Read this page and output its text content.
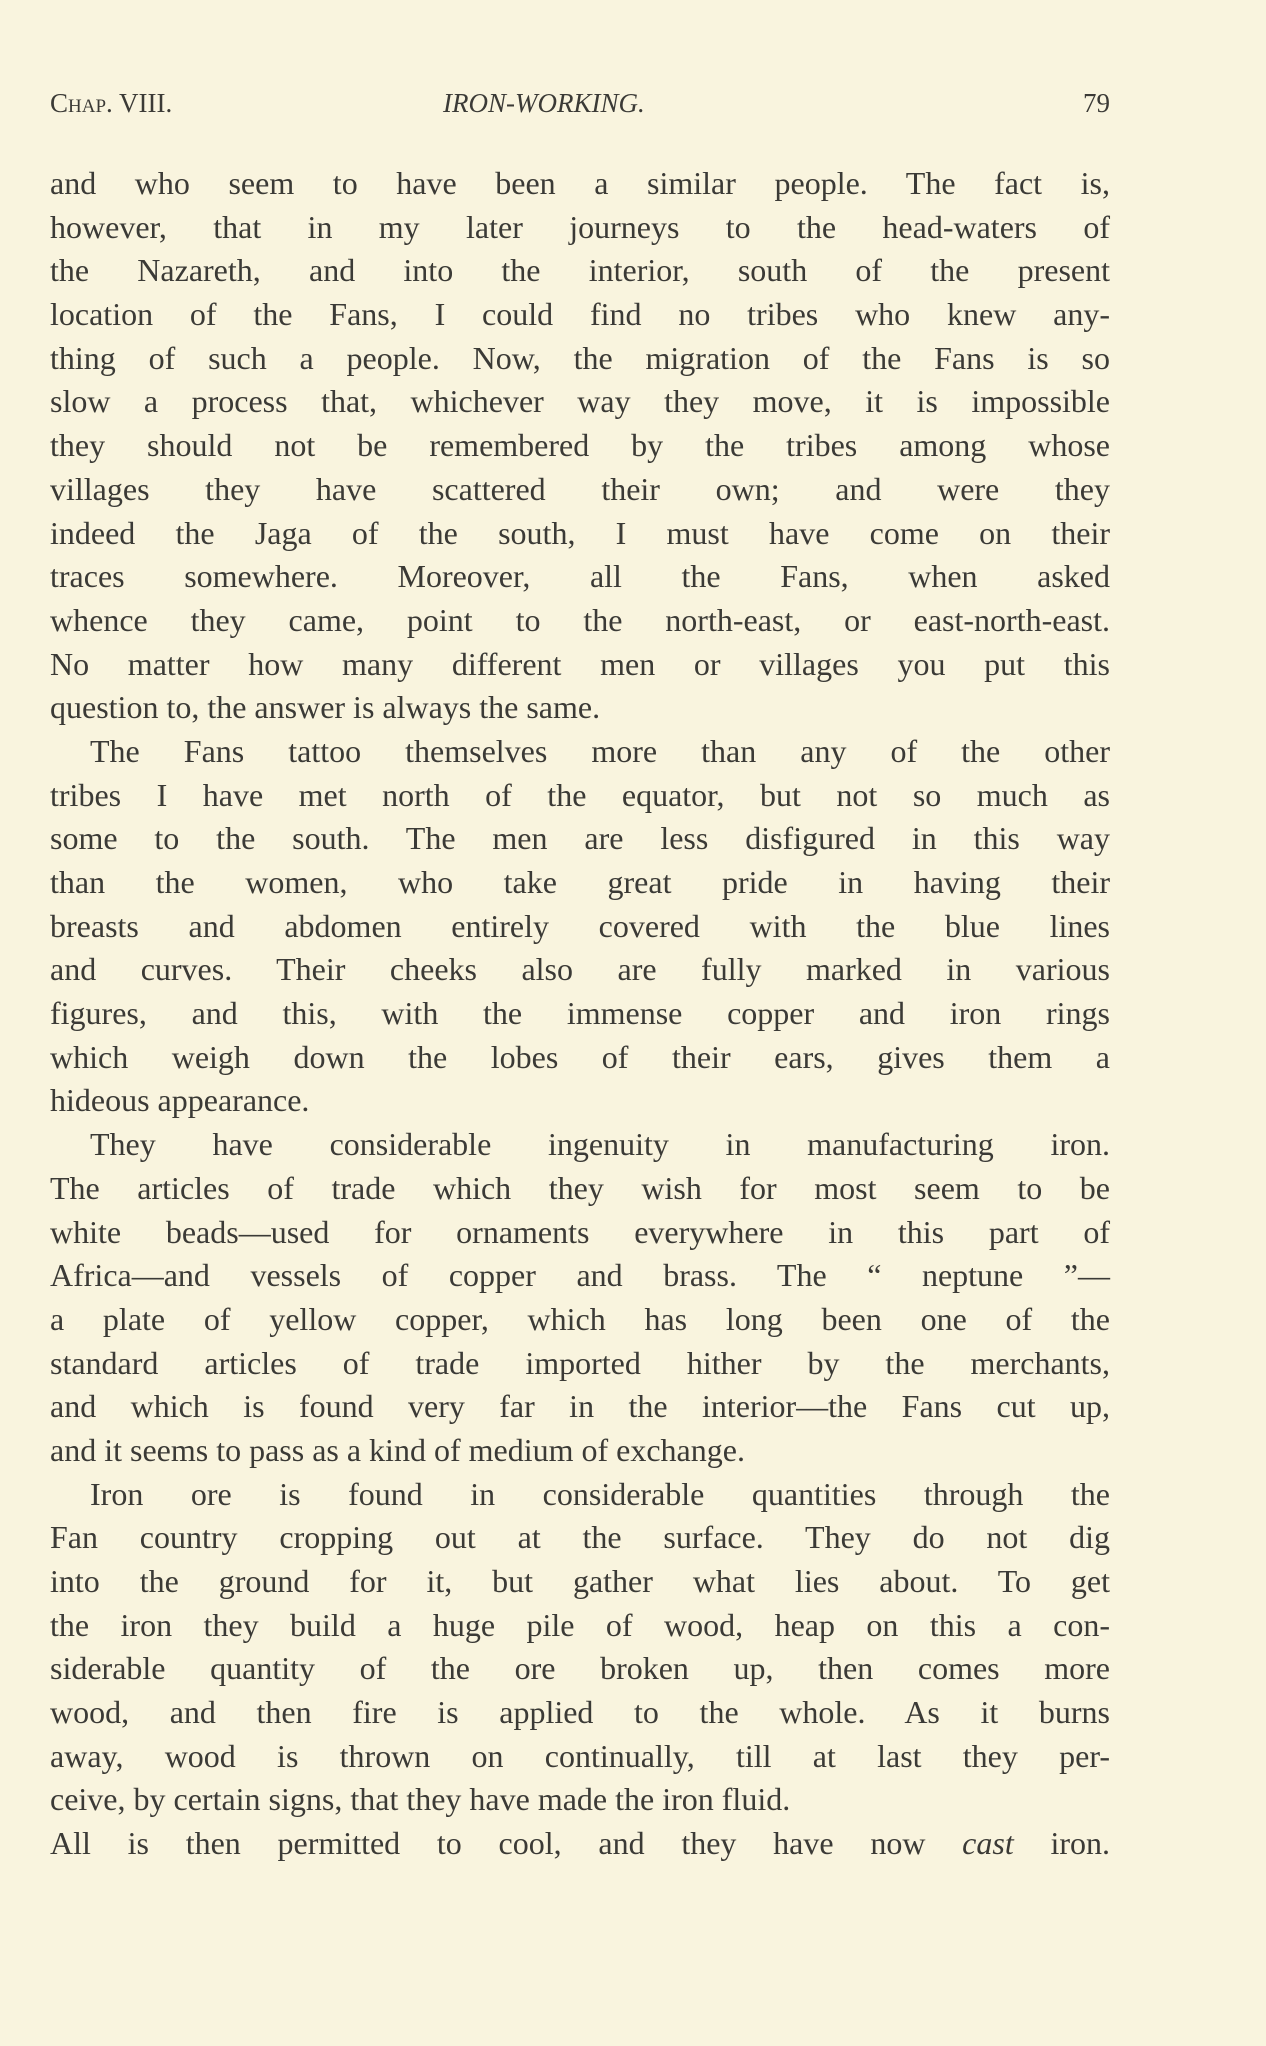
Chap. VIII.	IRON-WORKING.	79
and who seem to have been a similar people. The fact is,
however, that in my later journeys to the head-waters of
the Nazareth, and into the interior, south of the present
location of the Fans, I could find no tribes who knew any-
thing of such a people. Now, the migration of the Fans is so
slow a process that, whichever way they move, it is impossible
they should not be remembered by the tribes among whose
villages they have scattered their own; and were they
indeed the Jaga of the south, I must have come on their
traces somewhere. Moreover, all the Fans, when asked
whence they came, point to the north-east, or east-north-east.
No matter how many different men or villages you put this
question to, the answer is always the same.
The Fans tattoo themselves more than any of the other
tribes I have met north of the equator, but not so much as
some to the south. The men are less disfigured in this way
than the women, who take great pride in having their
breasts and abdomen entirely covered with the blue lines
and curves. Their cheeks also are fully marked in various
figures, and this, with the immense copper and iron rings
which weigh down the lobes of their ears, gives them a
hideous appearance.
They have considerable ingenuity in manufacturing iron.
The articles of trade which they wish for most seem to be
white beads—used for ornaments everywhere in this part of
Africa—and vessels of copper and brass. The “ neptune ”—
a plate of yellow copper, which has long been one of the
standard articles of trade imported hither by the merchants,
and which is found very far in the interior—the Fans cut up,
and it seems to pass as a kind of medium of exchange.
Iron ore is found in considerable quantities through the
Fan country cropping out at the surface. They do not dig
into the ground for it, but gather what lies about. To get
the iron they build a huge pile of wood, heap on this a con-
siderable quantity of the ore broken up, then comes more
wood, and then fire is applied to the whole. As it burns
away, wood is thrown on continually, till at last they per-
ceive, by certain signs, that they have made the iron fluid.
All is then permitted to cool, and they have now cast iron.
